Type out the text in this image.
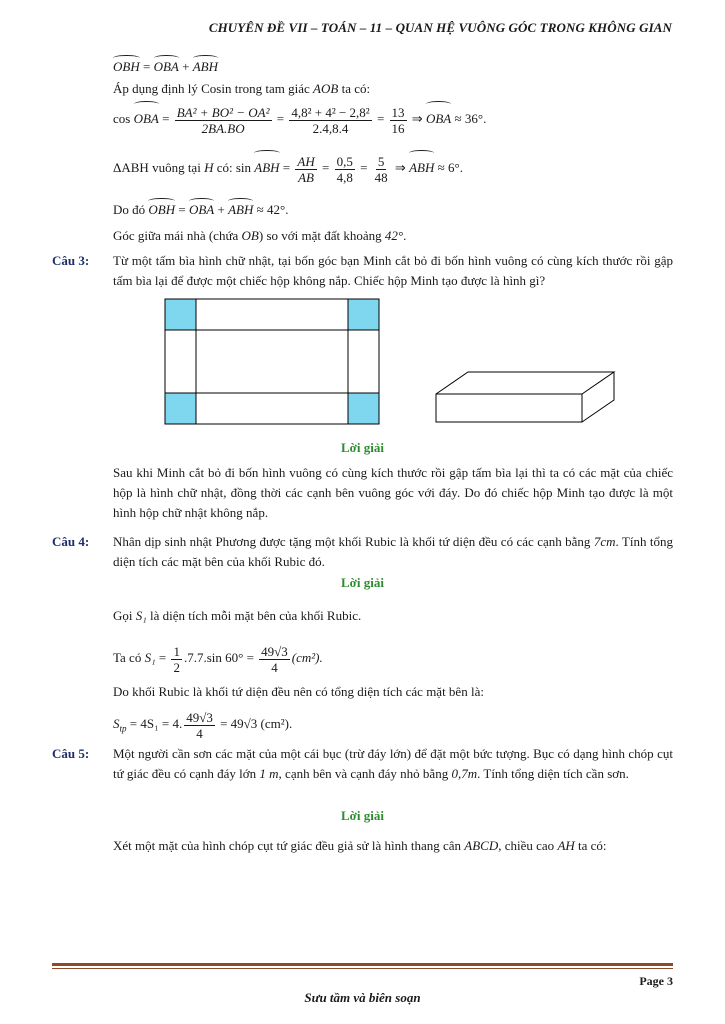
CHUYÊN ĐỀ VII – TOÁN – 11 – QUAN HỆ VUÔNG GÓC TRONG KHÔNG GIAN
OBH = OBA + ABH
Áp dụng định lý Cosin trong tam giác AOB ta có:
cos OBA = $\frac{\text{BA² + BO² − OA²}}{2BA.BO} = \frac{\text{4,8² + 4² − 2,8²}}{2.4,8.4} = \frac{13}{16}$ ⇒ OBA ≈ 36°.
ΔABH vuông tại H có: sin ABH = $\frac{AH}{AB} = \frac{0,5}{4,8} = \frac{5}{48}$ ⇒ ABH ≈ 6°.
Do đó OBH = OBA + ABH ≈ 42°.
Góc giữa mái nhà (chứa OB) so với mặt đất khoảng 42°.
Câu 3: Từ một tấm bìa hình chữ nhật, tại bốn góc bạn Minh cắt bỏ đi bốn hình vuông có cùng kích thước rồi gập tấm bìa lại để được một chiếc hộp không nắp. Chiếc hộp Minh tạo được là hình gì?
Lời giải
Sau khi Minh cắt bỏ đi bốn hình vuông có cùng kích thước rồi gập tấm bìa lại thì ta có các mặt của chiếc hộp là hình chữ nhật, đồng thời các cạnh bên vuông góc với đáy. Do đó chiếc hộp Minh tạo được là một hình hộp chữ nhật không nắp.
Câu 4: Nhân dịp sinh nhật Phương được tặng một khối Rubic là khối tứ diện đều có các cạnh bằng 7cm. Tính tổng diện tích các mặt bên của khối Rubic đó.
Lời giải
Gọi S₁ là diện tích mỗi mặt bên của khối Rubic.
Ta có $S_1 = \frac{1}{2} .7.7.\sin$ $60^\circ = \frac{49√3}{4} (cm^2)$.
Do khối Rubic là khối tứ diện đều nên có tổng diện tích các mặt bên là:
$S_{tp} = 4S_1 = 4$. $\frac{49√3}{4} = 49√3$ (cm²).
Câu 5: Một người cần sơn các mặt của một cái bục (trừ đáy lớn) để đặt một bức tượng. Bục có dạng hình chóp cụt tứ giác đều có cạnh đáy lớn 1 m, cạnh bên và cạnh đáy nhỏ bằng 0,7m. Tính tổng diện tích cần sơn.
Lời giải
Xét một mặt của hình chóp cụt tứ giác đều giả sử là hình thang cân ABCD, chiều cao AH ta có:
Page 3
Sưu tầm và biên soạn
